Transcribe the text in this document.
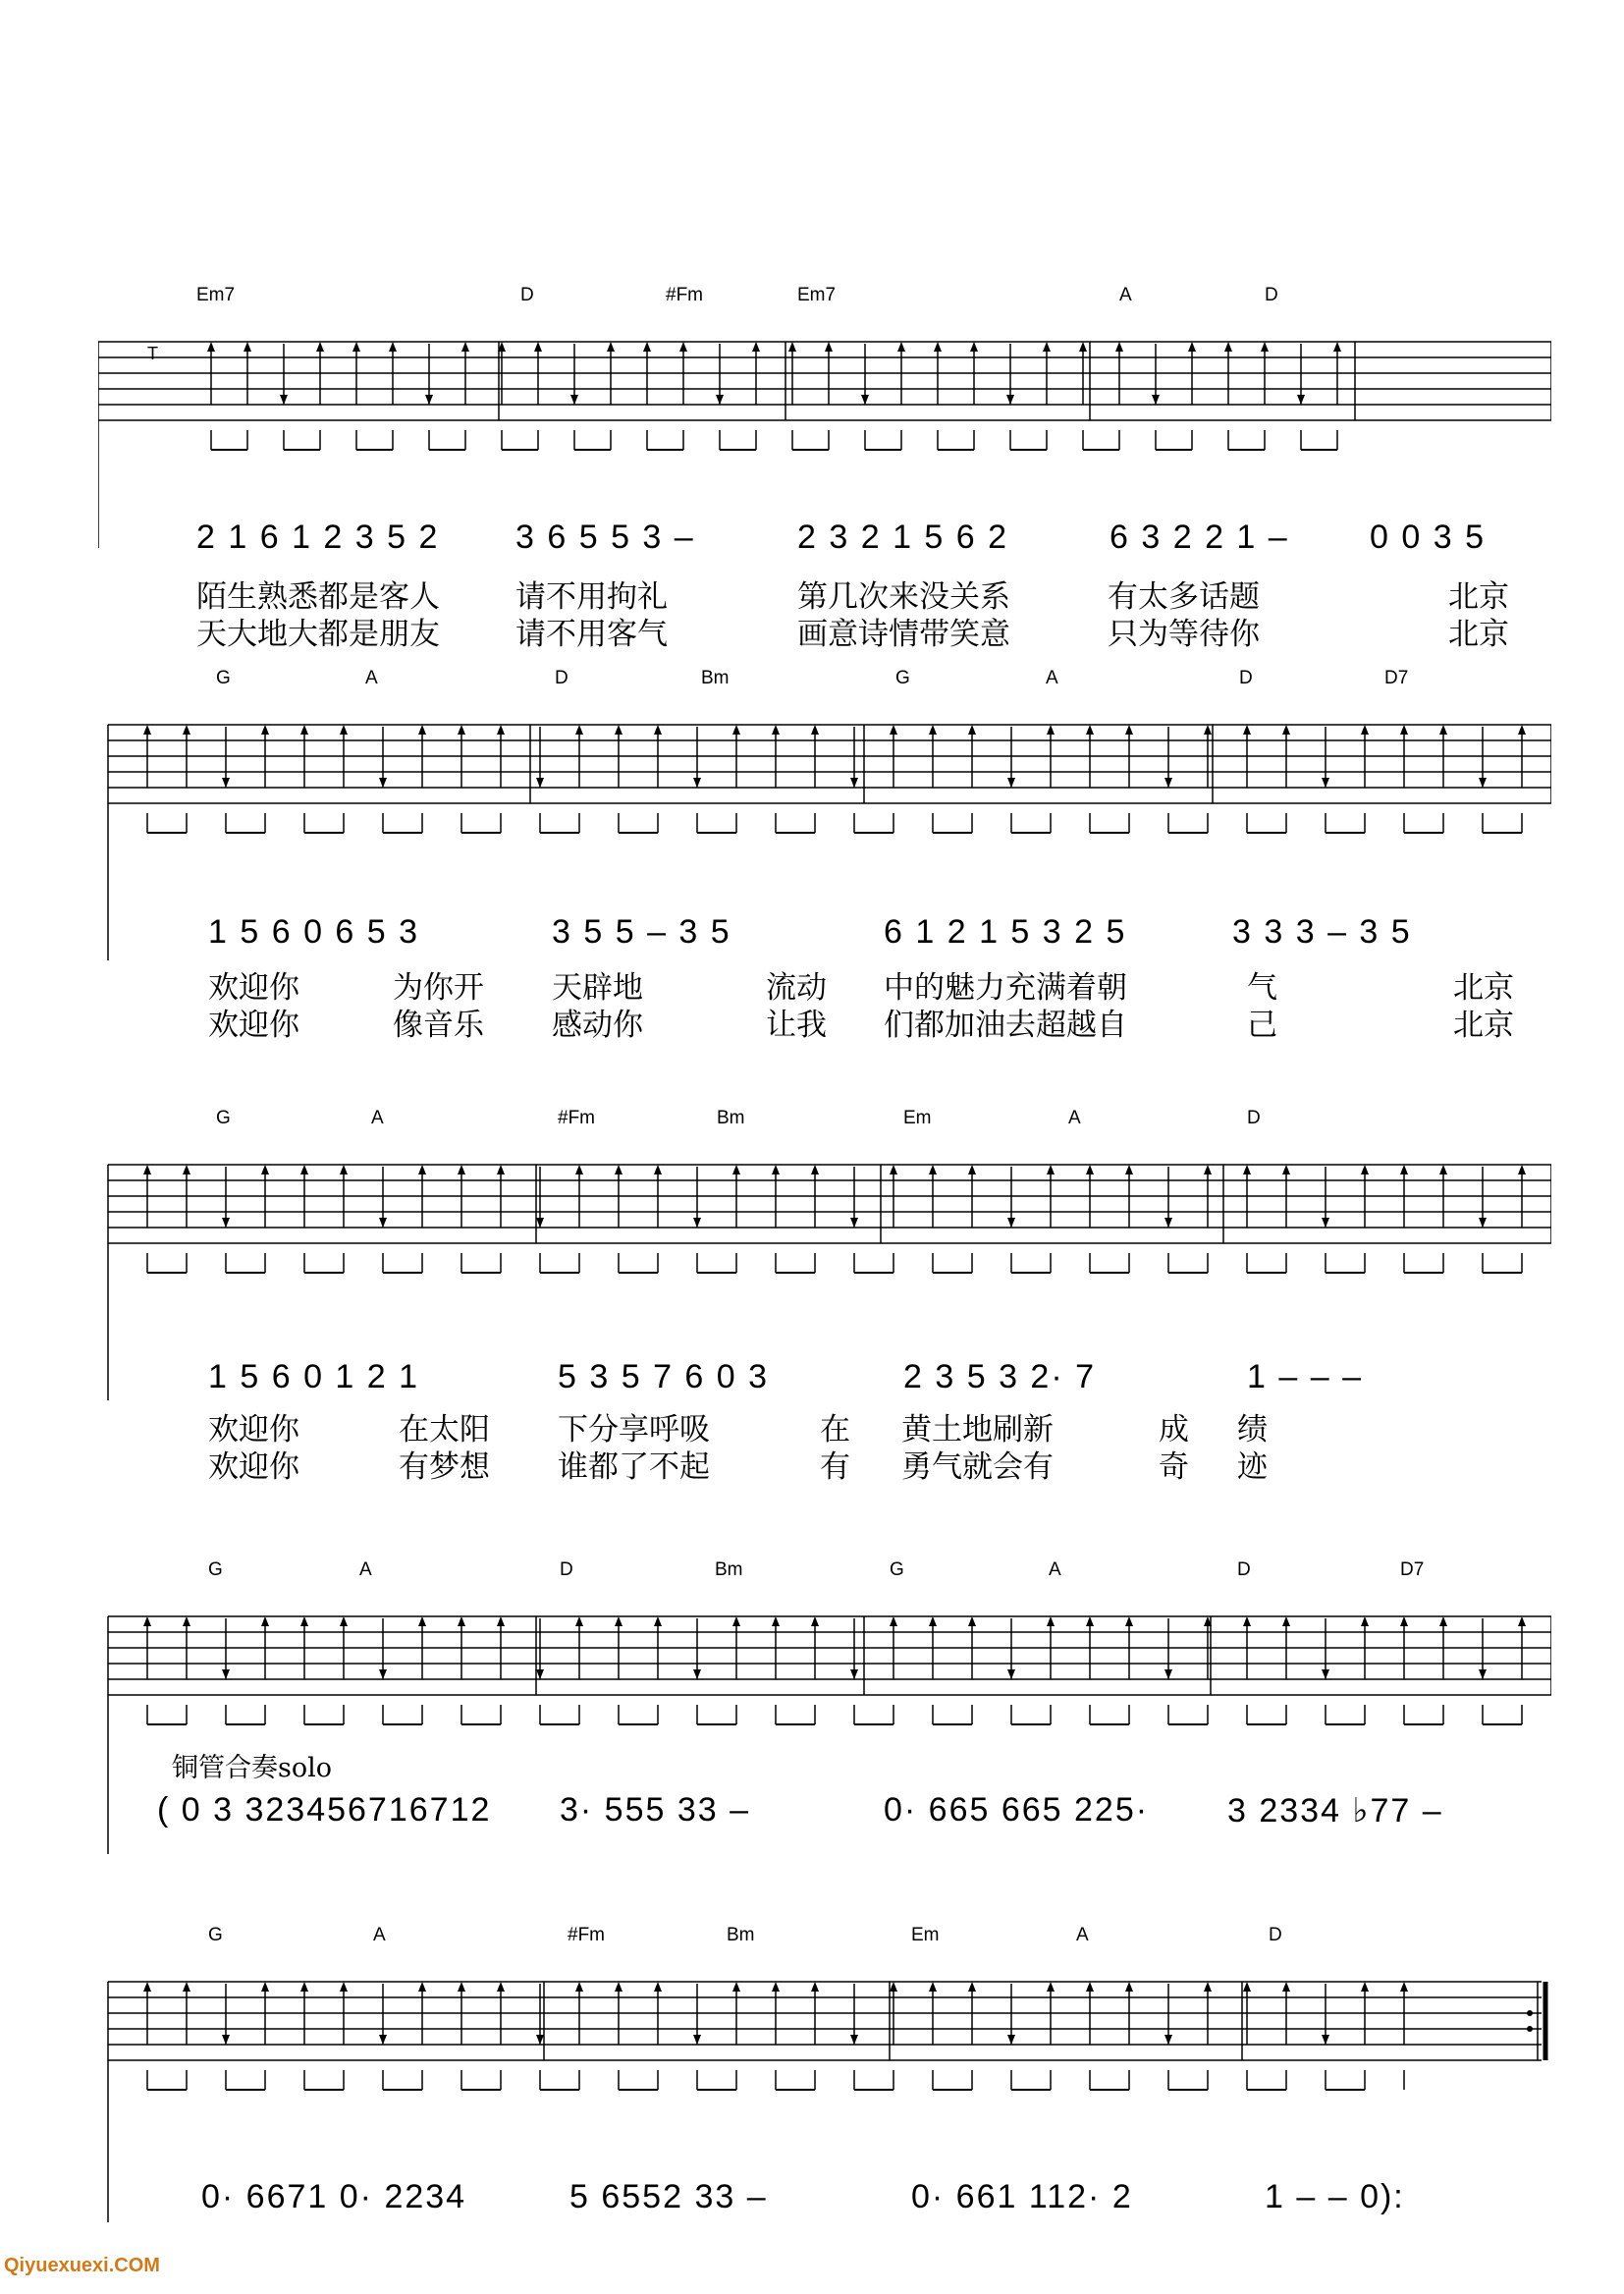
Em7	D	#Fm	Em7	A	D
T
2 1 6 1 2 3 5 2 3 6 5 5 3 –	2 3 2 1 5 6 2	6 3 2 2 1 – 0 0 3 5
陌生熟悉都是客人 请不用拘礼	第几次来没关系	有太多话题	北京
天大地大都是朋友 请不用客气	画意诗情带笑意	只为等待你	北京
G	A	D	Bm	G	A	D	D7
1 5 6 0 6 5 3	3 5 5 – 3 5	6 1 2 1 5 3 2 5	3 3 3 – 3 5
欢迎你	为你开 天辟地	流动 中的魅力充满着朝	气	北京
欢迎你	像音乐 感动你	让我 们都加油去超越自	己	北京
G	A	#Fm	Bm	Em	A	D
1 5 6 0 1 2 1	5 3 5 7 6 0 3	2 3 5 3 2· 7	1 – – –
欢迎你	在太阳 下分享呼吸	在 黄土地刷新	成 绩
欢迎你	有梦想 谁都了不起	有 勇气就会有	奇 迹
G	A	D	Bm	G	A	D	D7
铜管合奏solo
( 0 3 323456716712 3· 555 33 –	0· 665 665 225· 3 2334 ♭77 –
G	A	#Fm	Bm	Em	A	D
0· 6671 0· 2234	5 6552 33 –	0· 661 112· 2	1 – – 0):
Qiyuexuexi.COM
